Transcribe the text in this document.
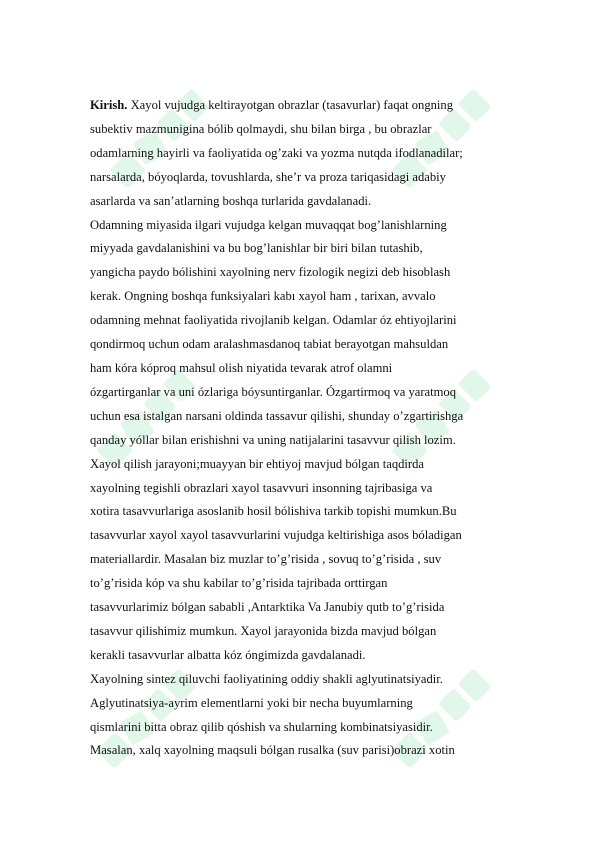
Kirish. Xayol vujudga keltirayotgan obrazlar (tasavurlar) faqat ongning
subektiv mazmunigina bólib qolmaydi, shu bilan birga , bu obrazlar
odamlarning hayirli va faoliyatida og’zaki va yozma nutqda ifodlanadilar;
narsalarda, bóyoqlarda, tovushlarda, she’r va proza tariqasidagi adabiy
asarlarda va san’atlarning boshqa turlarida gavdalanadi.
Odamning miyasida ilgari vujudga kelgan muvaqqat bog’lanishlarning
miyyada gavdalanishini va bu bog’lanishlar bir biri bilan tutashib,
yangicha paydo bólishini xayolning nerv fizologik negizi deb hisoblash
kerak. Ongning boshqa funksiyalari kabı xayol ham , tarixan, avvalo
odamning mehnat faoliyatida rivojlanib kelgan. Odamlar óz ehtiyojlarini
qondirmoq uchun odam aralashmasdanoq tabiat berayotgan mahsuldan
ham kóra kóproq mahsul olish niyatida tevarak atrof olamni
ózgartirganlar va uni ózlariga bóysuntirganlar. Ózgartirmoq va yaratmoq
uchun esa istalgan narsani oldinda tassavur qilishi, shunday o’zgartirishga
qanday yóllar bilan erishishni va uning natijalarini tasavvur qilish lozim.
Xayol qilish jarayoni;muayyan bir ehtiyoj mavjud bólgan taqdirda
xayolning tegishli obrazlari xayol tasavvuri insonning tajribasiga va
xotira tasavvurlariga asoslanib hosil bólishiva tarkib topishi mumkun.Bu
tasavvurlar xayol xayol tasavvurlarini vujudga keltirishiga asos bóladigan
materiallardir. Masalan biz muzlar to’g’risida , sovuq to’g’risida , suv
to’g’risida kóp va shu kabilar to’g’risida tajribada orttirgan
tasavvurlarimiz bólgan sababli ,Antarktika Va Janubiy qutb to’g’risida
tasavvur qilishimiz mumkun. Xayol jarayonida bizda mavjud bólgan
kerakli tasavvurlar albatta kóz óngimizda gavdalanadi.
Xayolning sintez qiluvchi faoliyatining oddiy shakli aglyutinatsiyadir.
Aglyutinatsiya-ayrim elementlarni yoki bir necha buyumlarning
qismlarini bitta obraz qilib qóshish va shularning kombinatsiyasidir.
Masalan, xalq xayolning maqsuli bólgan rusalka (suv parisi)obrazi xotin
